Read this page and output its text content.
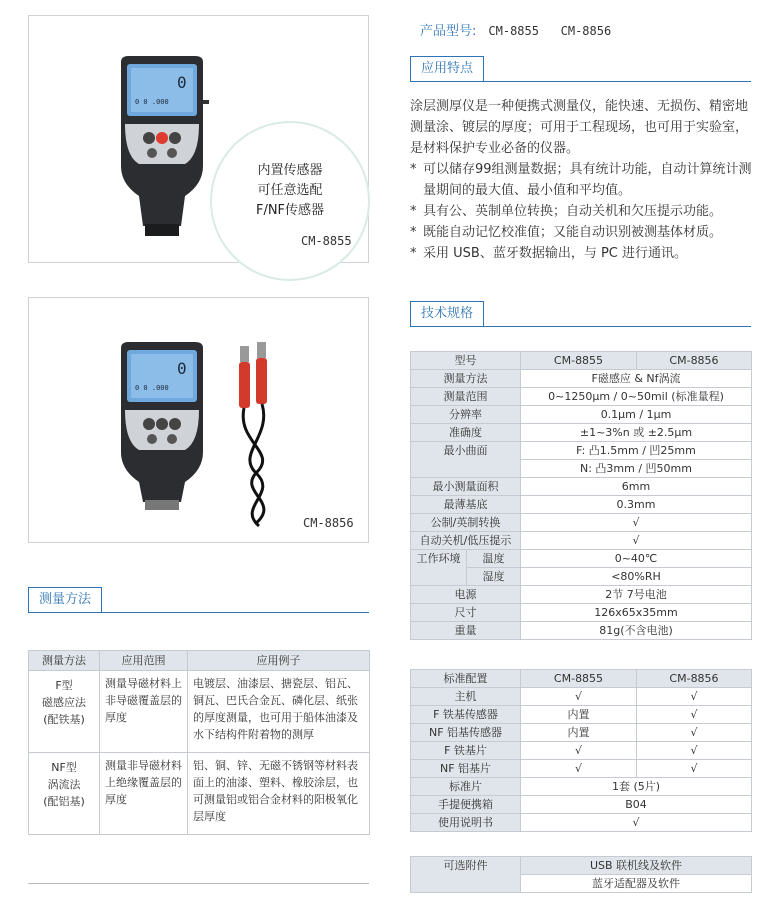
0
0 0 .000
内置传感器
可任意选配
F/NF传感器
CM-8855
0
0 0 .000
CM-8856
产品型号: CM-8855   CM-8856
应用特点
涂层测厚仪是一种便携式测量仪，能快速、无损伤、精密地测量涂、镀层的厚度；可用于工程现场，也可用于实验室，是材料保护专业必备的仪器。
* 可以储存99组测量数据；具有统计功能，自动计算统计测量期间的最大值、最小值和平均值。
* 具有公、英制单位转换；自动关机和欠压提示功能。
* 既能自动记忆校准值；又能自动识别被测基体材质。
* 采用 USB、蓝牙数据输出，与 PC 进行通讯。
技术规格
型号		CM-8855	CM-8856
测量方法		F磁感应 & Nf涡流	
测量范围		0~1250μm / 0~50mil (标准量程)	
分辨率		0.1μm / 1μm	
准确度		±1~3%n 或 ±2.5μm	
最小曲面		F: 凸1.5mm / 凹25mm	
		N: 凸3mm / 凹50mm	
最小测量面积		6mm	
最薄基底		0.3mm	
公制/英制转换		√	
自动关机/低压提示		√	
工作环境	温度	0~40℃	
	湿度	<80%RH	
电源		2节 7号电池	
尺寸		126x65x35mm	
重量		81g(不含电池)	
标准配置	CM-8855	CM-8856
主机	√	√
F 铁基传感器	内置	√
NF 铝基传感器	内置	√
F 铁基片	√	√
NF 铝基片	√	√
标准片	1套 (5片)	
手提便携箱	B04	
使用说明书	√	
可选附件	USB 联机线及软件
蓝牙适配器及软件
测量方法
测量方法	应用范围	应用例子
F型
磁感应法
(配铁基)	测量导磁材料上非导磁覆盖层的厚度	电镀层、油漆层、搪瓷层、铝瓦、铜瓦、巴氏合金瓦、磷化层、纸张的厚度测量，也可用于船体油漆及水下结构件附着物的测厚
NF型
涡流法
(配铝基)	测量非导磁材料上绝缘覆盖层的厚度	铝、铜、锌、无磁不锈钢等材料表面上的油漆、塑料、橡胶涂层，也可测量铝或铝合金材料的阳极氧化层厚度
